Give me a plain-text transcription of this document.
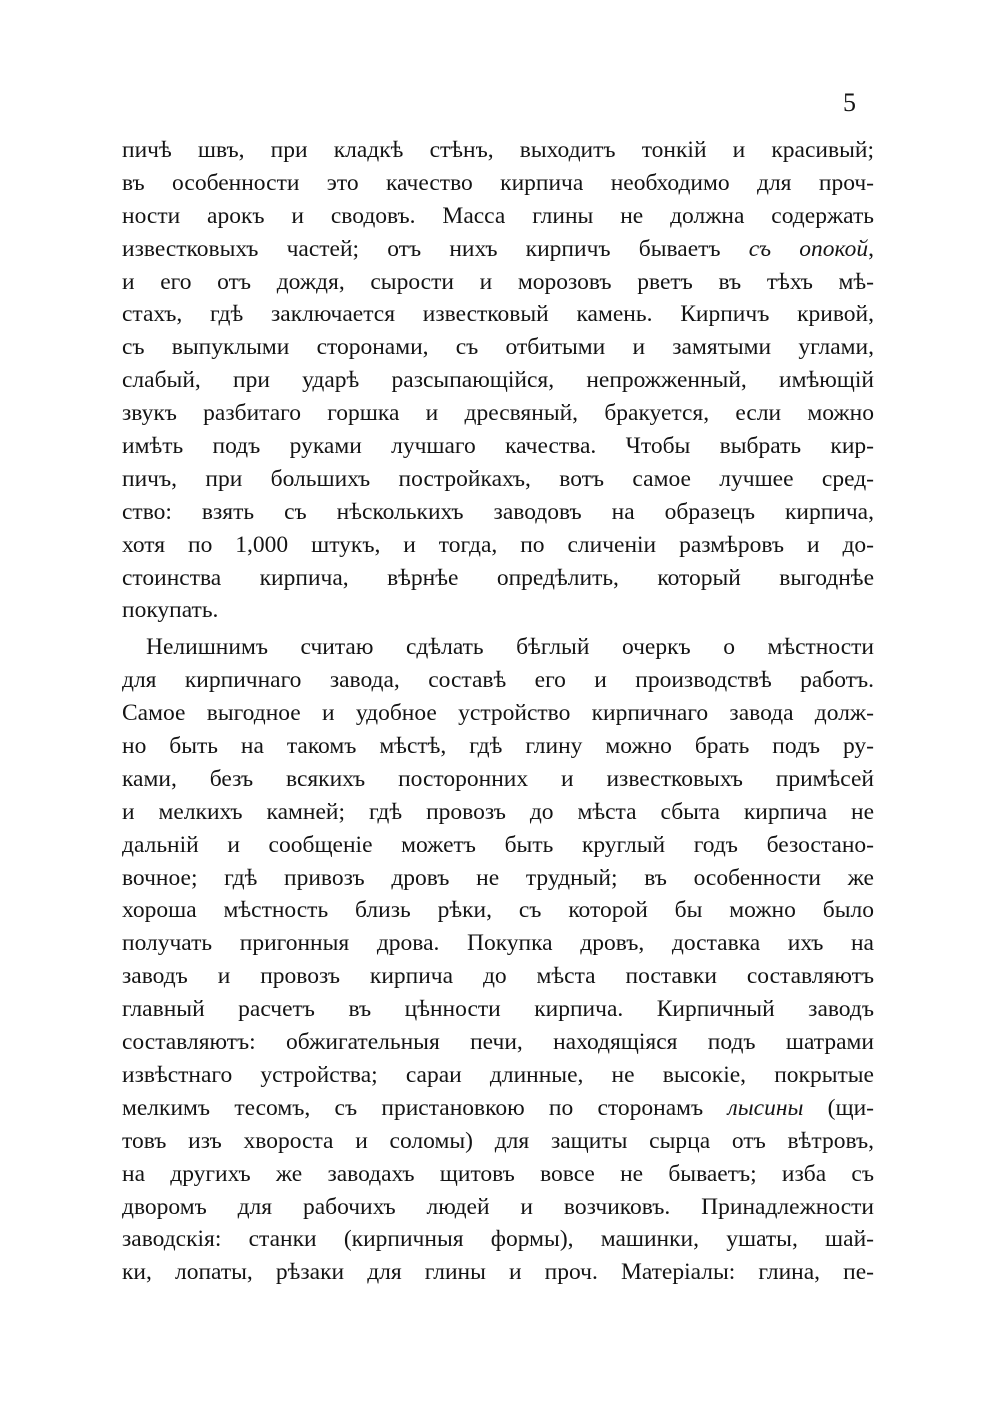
5
пичѣ швъ, при кладкѣ стѣнъ, выходитъ тонкій и красивый;
въ особенности это качество кирпича необходимо для проч-
ности арокъ и сводовъ. Масса глины не должна содержать
известковыхъ частей; отъ нихъ кирпичъ бываетъ съ опокой,
и его отъ дождя, сырости и морозовъ рветъ въ тѣхъ мѣ-
стахъ, гдѣ заключается известковый камень. Кирпичъ кривой,
съ выпуклыми сторонами, съ отбитыми и замятыми углами,
слабый, при ударѣ разсыпающійся, непрожженный, имѣющій
звукъ разбитаго горшка и дресвяный, бракуется, если можно
имѣть подъ руками лучшаго качества. Чтобы выбрать кир-
пичъ, при большихъ постройкахъ, вотъ самое лучшее сред-
ство: взять съ нѣсколькихъ заводовъ на образецъ кирпича,
хотя по 1,000 штукъ, и тогда, по сличеніи размѣровъ и до-
стоинства кирпича, вѣрнѣе опредѣлить, который выгоднѣе
покупать.
Нелишнимъ считаю сдѣлать бѣглый очеркъ о мѣстности
для кирпичнаго завода, составѣ его и производствѣ работъ.
Самое выгодное и удобное устройство кирпичнаго завода долж-
но быть на такомъ мѣстѣ, гдѣ глину можно брать подъ ру-
ками, безъ всякихъ посторонних и известковыхъ примѣсей
и мелкихъ камней; гдѣ провозъ до мѣста сбыта кирпича не
дальній и сообщеніе можетъ быть круглый годъ безостано-
вочное; гдѣ привозъ дровъ не трудный; въ особенности же
хороша мѣстность близь рѣки, съ которой бы можно было
получать пригонныя дрова. Покупка дровъ, доставка ихъ на
заводъ и провозъ кирпича до мѣста поставки составляютъ
главный расчетъ въ цѣнности кирпича. Кирпичный заводъ
составляютъ: обжигательныя печи, находящіяся подъ шатрами
извѣстнаго устройства; сараи длинные, не высокіе, покрытые
мелкимъ тесомъ, съ пристановкою по сторонамъ лысины (щи-
товъ изъ хвороста и соломы) для защиты сырца отъ вѣтровъ,
на другихъ же заводахъ щитовъ вовсе не бываетъ; изба съ
дворомъ для рабочихъ людей и возчиковъ. Принадлежности
заводскія: станки (кирпичныя формы), машинки, ушаты, шай-
ки, лопаты, рѣзаки для глины и проч. Матеріалы: глина, пе-
